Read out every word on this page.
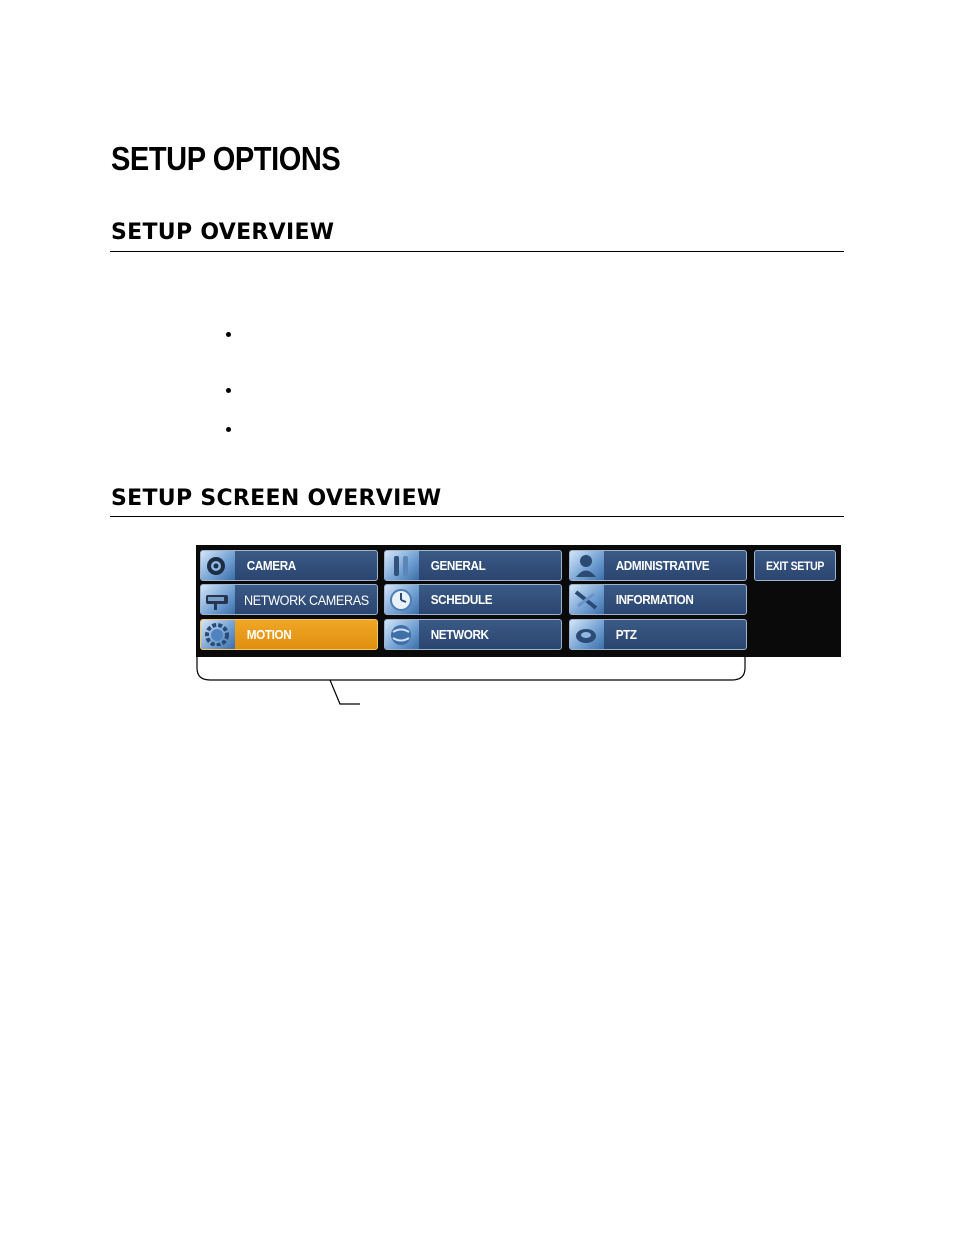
SETUP OPTIONS
SETUP OVERVIEW
SETUP SCREEN OVERVIEW
CAMERA
NETWORK CAMERAS
MOTION
GENERAL
SCHEDULE
NETWORK
ADMINISTRATIVE
INFORMATION
PTZ
EXIT SETUP
